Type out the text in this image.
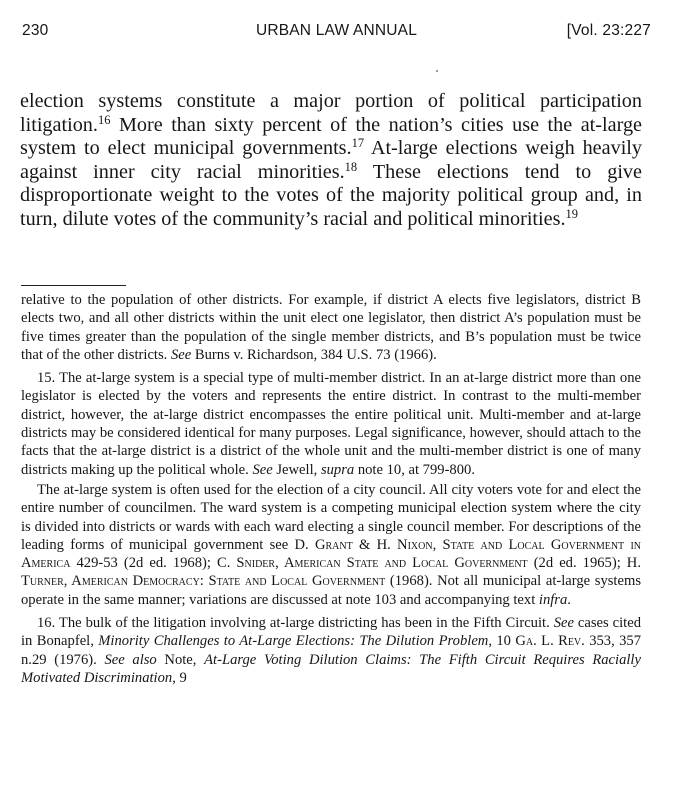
230	URBAN LAW ANNUAL	[Vol. 23:227

election systems constitute a major portion of political participation litigation.$^{16}$ More than sixty percent of the nation’s cities use the at-large system to elect municipal governments.$^{17}$ At-large elections weigh heavily against inner city racial minorities.$^{18}$ These elections tend to give disproportionate weight to the votes of the majority political group and, in turn, dilute votes of the community’s racial and political minorities.$^{19}$

relative to the population of other districts. For example, if district A elects five legislators, district B elects two, and all other districts within the unit elect one legislator, then district A’s population must be five times greater than the population of the single member districts, and B’s population must be twice that of the other districts. See Burns v. Richardson, 384 U.S. 73 (1966).

15. The at-large system is a special type of multi-member district. In an at-large district more than one legislator is elected by the voters and represents the entire district. In contrast to the multi-member district, however, the at-large district encompasses the entire political unit. Multi-member and at-large districts may be considered identical for many purposes. Legal significance, however, should attach to the facts that the at-large district is a district of the whole unit and the multi-member district is one of many districts making up the political whole. See Jewell, supra note 10, at 799-800.

The at-large system is often used for the election of a city council. All city voters vote for and elect the entire number of councilmen. The ward system is a competing municipal election system where the city is divided into districts or wards with each ward electing a single council member. For descriptions of the leading forms of municipal government see D. Grant & H. Nixon, State and Local Government in America 429-53 (2d ed. 1968); C. Snider, American State and Local Government (2d ed. 1965); H. Turner, American Democracy: State and Local Government (1968). Not all municipal at-large systems operate in the same manner; variations are discussed at note 103 and accompanying text infra.

16. The bulk of the litigation involving at-large districting has been in the Fifth Circuit. See cases cited in Bonapfel, Minority Challenges to At-Large Elections: The Dilution Problem, 10 Ga. L. Rev. 353, 357 n.29 (1976). See also Note, At-Large Voting Dilution Claims: The Fifth Circuit Requires Racially Motivated Discrimination, 9
